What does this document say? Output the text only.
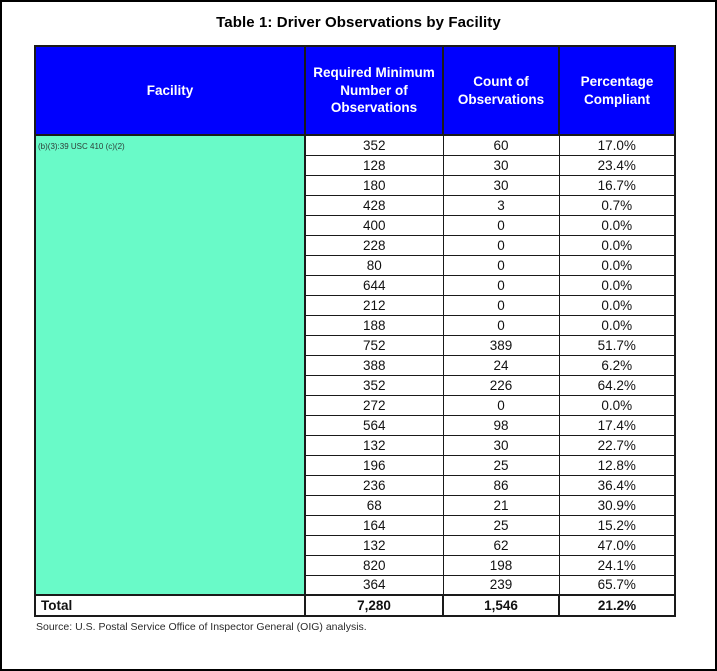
Table 1: Driver Observations by Facility
Facility	Required Minimum Number of Observations	Count of Observations	Percentage Compliant
(b)(3):39 USC 410 (c)(2)	352	60	17.0%
	128	30	23.4%
	180	30	16.7%
	428	3	0.7%
	400	0	0.0%
	228	0	0.0%
	80	0	0.0%
	644	0	0.0%
	212	0	0.0%
	188	0	0.0%
	752	389	51.7%
	388	24	6.2%
	352	226	64.2%
	272	0	0.0%
	564	98	17.4%
	132	30	22.7%
	196	25	12.8%
	236	86	36.4%
	68	21	30.9%
	164	25	15.2%
	132	62	47.0%
	820	198	24.1%
	364	239	65.7%
Total	7,280	1,546	21.2%
Source: U.S. Postal Service Office of Inspector General (OIG) analysis.
